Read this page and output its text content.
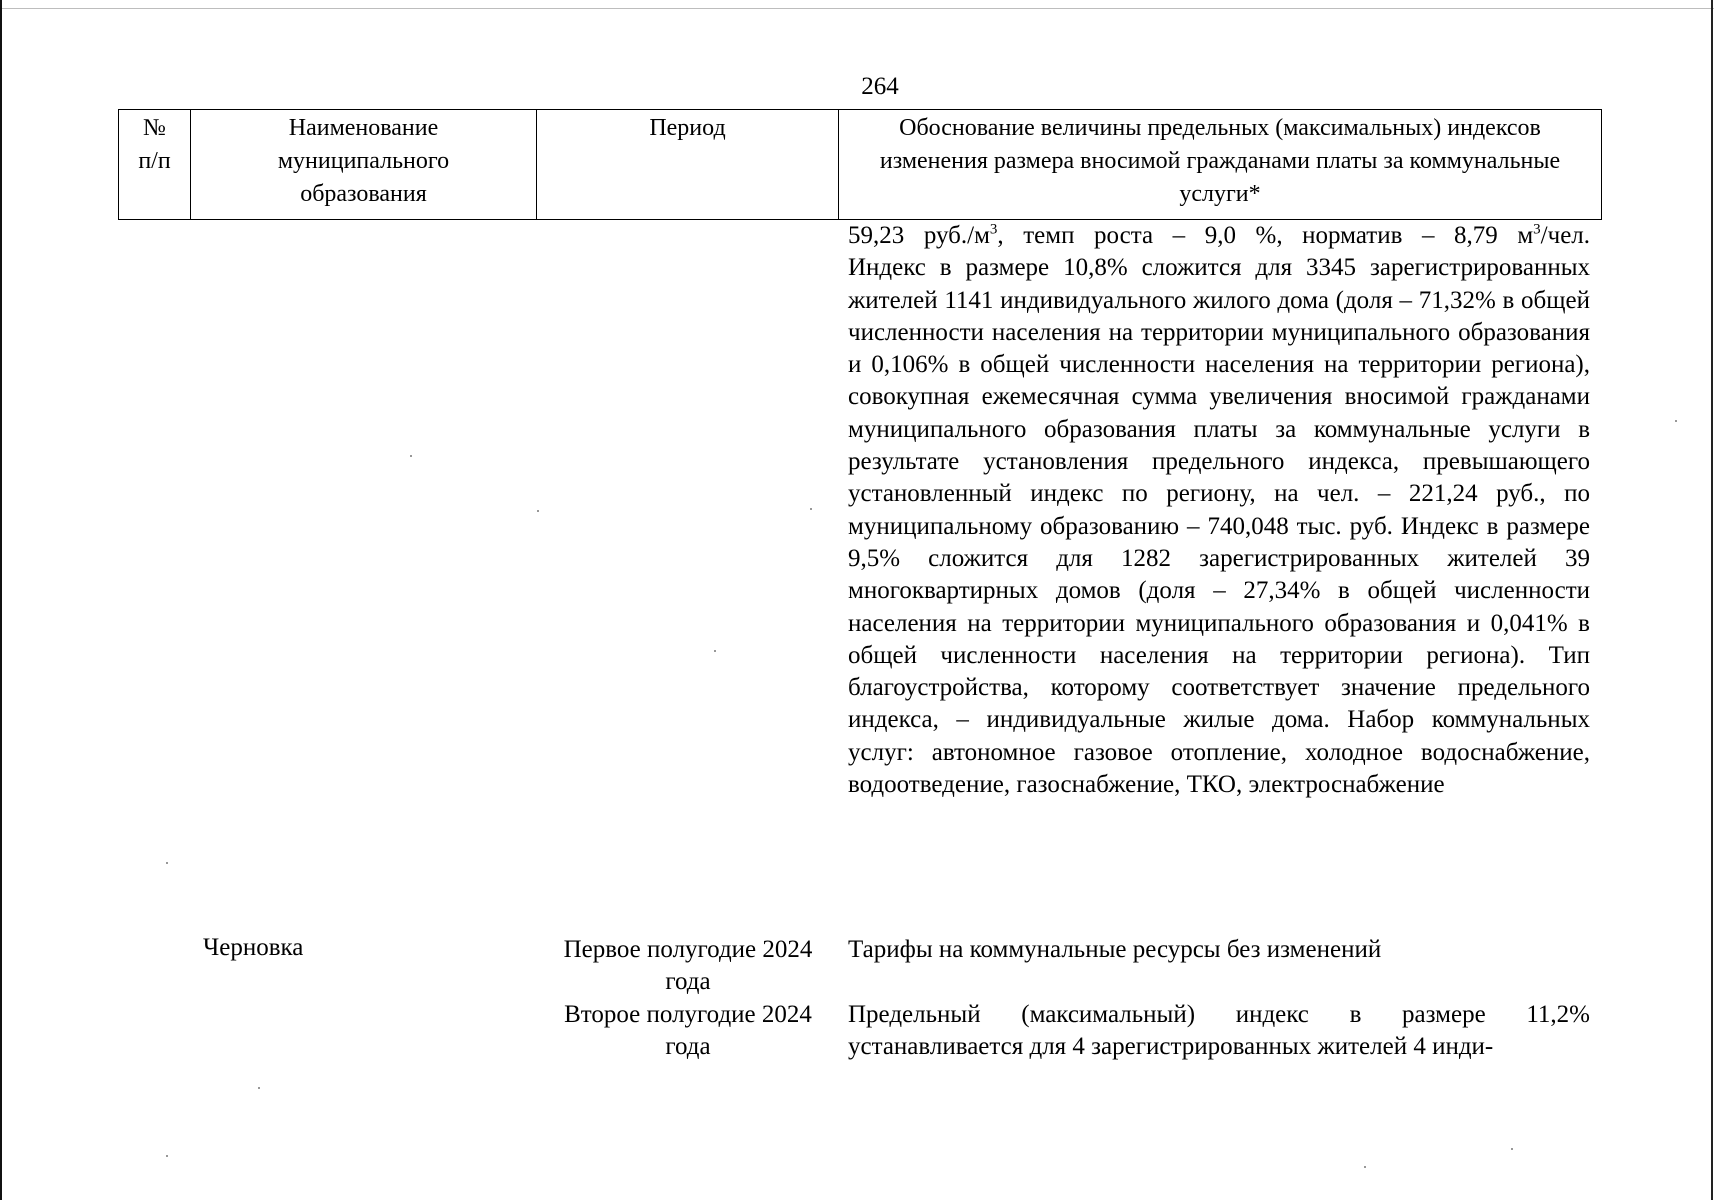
264
№ п/п
Наименование муниципального образования
Период	Обоснование величины предельных (максимальных) индексов изменения размера вносимой гражданами платы за коммунальные услуги*

59,23 $руб./м^3$, темп роста – 9,0 %, норматив – 8,79 $м^3$/чел.

Индекс в размере 10,8% сложится для 3345 зарегистрированных жителей 1141 индивидуального жилого дома (доля – 71,32% в общей численности населения на территории муниципального образования и 0,106% в общей численности населения на территории региона), совокупная ежемесячная сумма увеличения вносимой гражданами муниципального образования платы за коммунальные услуги в результате установления предельного индекса, превышающего установленный индекс по региону, на чел. – 221,24 руб., по муниципальному образованию – 740,048 тыс. руб. Индекс в размере 9,5% сложится для 1282 зарегистрированных жителей 39 многоквартирных домов (доля – 27,34% в общей численности населения на территории муниципального образования и 0,041% в общей численности населения на территории региона). Тип благоустройства, которому соответствует значение предельного индекса, – индивидуальные жилые дома. Набор коммунальных услуг: автономное газовое отопление, холодное водоснабжение, водоотведение, газоснабжение, ТКО, электроснабжение

Черновка	Первое полугодие 2024 года
Тарифы на коммунальные ресурсы без изменений
Второе полугодие 2024 года
Предельный (максимальный) индекс в размере 11,2% устанавливается для 4 зарегистрированных жителей 4 инди-
